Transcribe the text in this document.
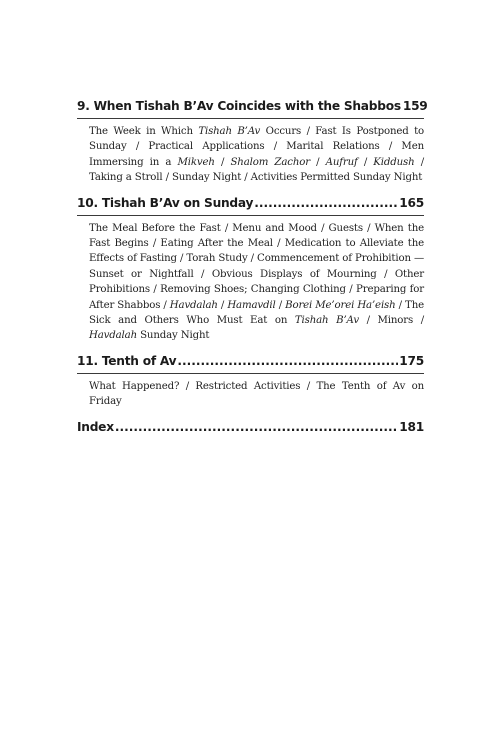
9. When Tishah B’Av Coincides with the Shabbos 159

The Week in Which Tishah B’Av Occurs / Fast Is Postponed to Sunday / Practical Applications / Marital Relations / Men Immersing in a Mikveh / Shalom Zachor / Aufruf / Kiddush / Taking a Stroll / Sunday Night / Activities Permitted Sunday Night

10. Tishah B’Av on Sunday .....	165

The Meal Before the Fast / Menu and Mood / Guests / When the Fast Begins / Eating After the Meal / Medication to Alleviate the Effects of Fasting / Torah Study / Commencement of Prohibition — Sunset or Nightfall / Obvious Displays of Mourning / Other Prohibitions / Removing Shoes; Changing Clothing / Preparing for After Shabbos / Havdalah / Hamavdil / Borei Me’orei Ha’eish / The Sick and Others Who Must Eat on Tishah B’Av / Minors / Havdalah Sunday Night

11. Tenth of Av .....	175

What Happened? / Restricted Activities / The Tenth of Av on Friday

Index .....	181
